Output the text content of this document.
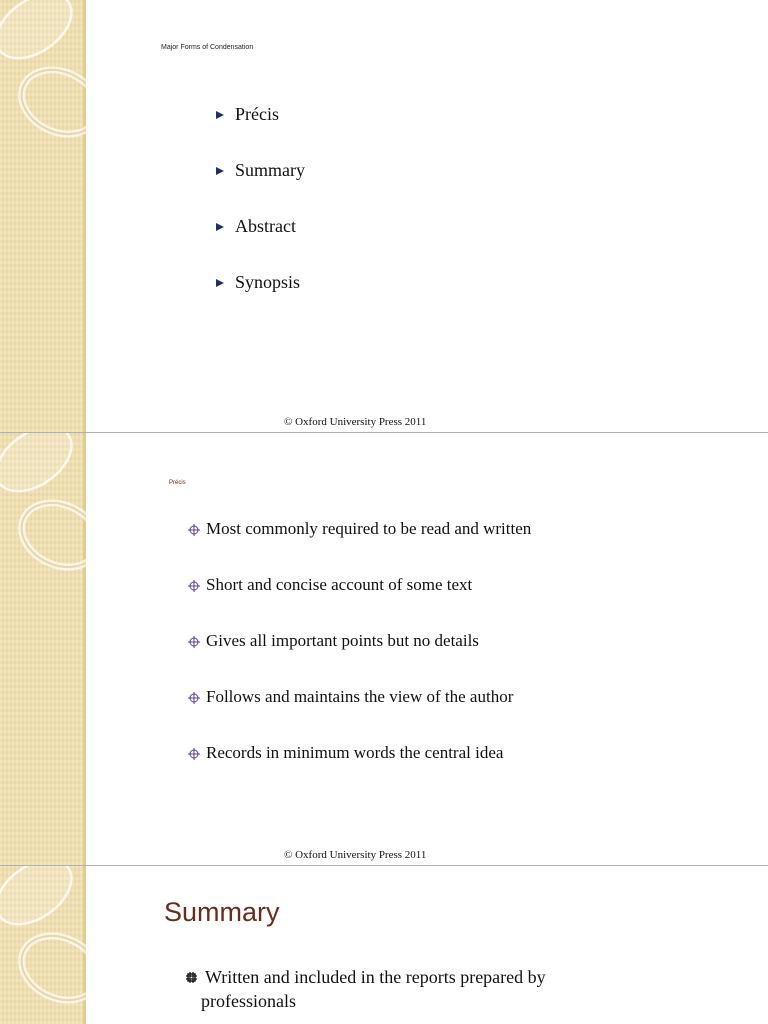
Major Forms of Condensation
Précis
Summary
Abstract
Synopsis
© Oxford University Press 2011
Précis
Most commonly required to be read and written
Short and concise account of some text
Gives all important points but no details
Follows and maintains the view of the author
Records in minimum words the central idea
© Oxford University Press 2011
Summary
Written and included in the reports prepared by
professionals
